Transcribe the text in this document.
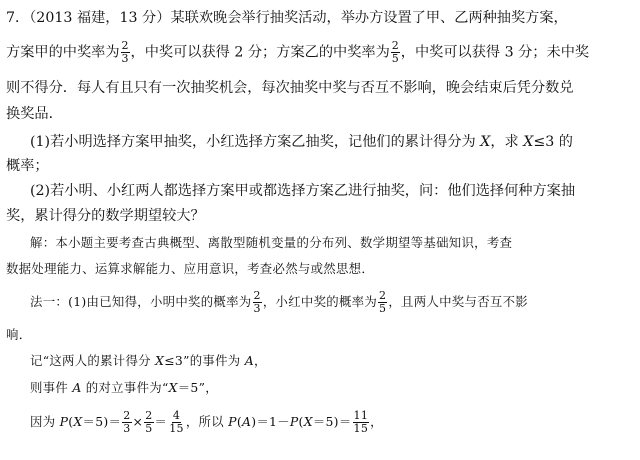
7．（2013 福建，13 分）某联欢晚会举行抽奖活动，举办方设置了甲、乙两种抽奖方案，
方案甲的中奖率为 $\frac{2}{3}$ ，中奖可以获得 2 分；方案乙的中奖率为 $\frac{2}{5}$ ，中奖可以获得 3 分；未中奖
则不得分．每人有且只有一次抽奖机会，每次抽奖中奖与否互不影响，晚会结束后凭分数兑
换奖品．
(1)若小明选择方案甲抽奖，小红选择方案乙抽奖，记他们的累计得分为 X，求 X≤3 的
概率；
(2)若小明、小红两人都选择方案甲或都选择方案乙进行抽奖，问：他们选择何种方案抽
奖，累计得分的数学期望较大？
解：本小题主要考查古典概型、离散型随机变量的分布列、数学期望等基础知识，考查
数据处理能力、运算求解能力、应用意识，考查必然与或然思想．
法一：(1)由已知得，小明中奖的概率为 $\frac{2}{3}$ ，小红中奖的概率为 $\frac{2}{5}$ ，且两人中奖与否互不影
响．
记“这两人的累计得分 X≤3”的事件为 A，
则事件 A 的对立事件为“X＝5”，
因为 $P(X=5)= \frac{2}{3} \times \frac{2}{5} = \frac{4}{15}$ ，所以 $P(A)=1-P(X=5)= \frac{11}{15}$ ，
